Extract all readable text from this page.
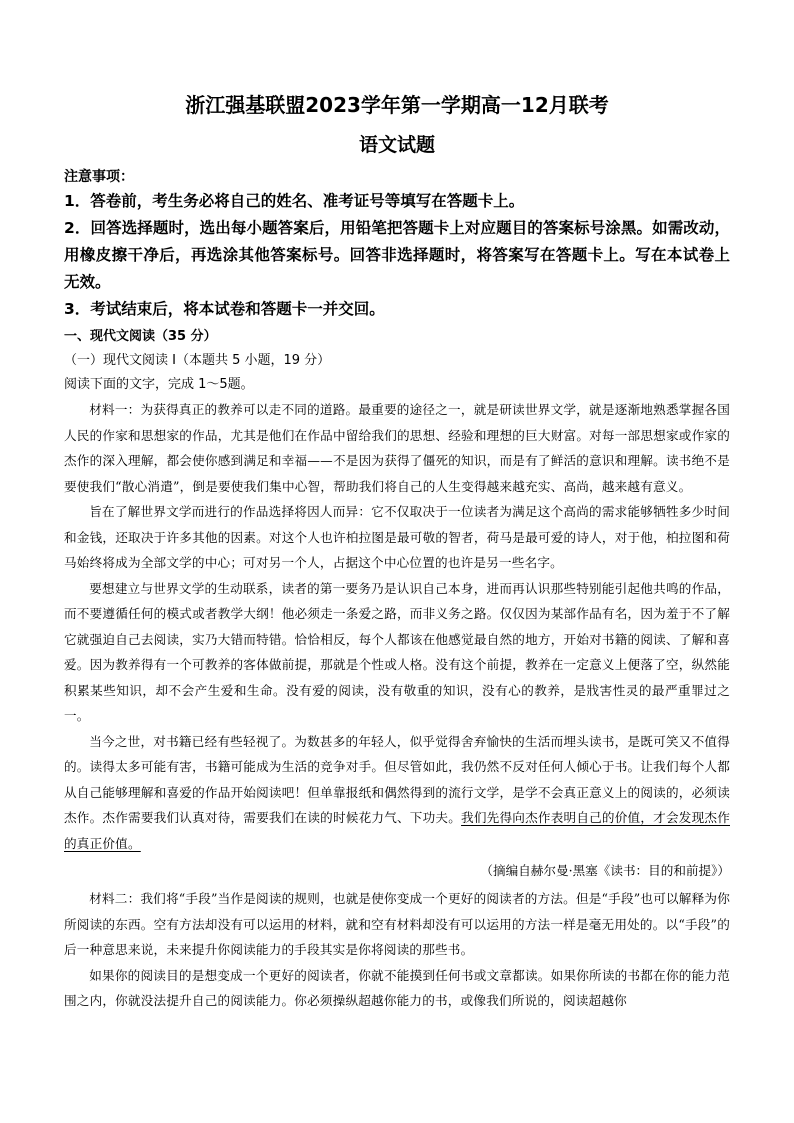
浙江强基联盟2023学年第一学期高一12月联考
语文试题

注意事项：

1．答卷前，考生务必将自己的姓名、准考证号等填写在答题卡上。

2．回答选择题时，选出每小题答案后，用铅笔把答题卡上对应题目的答案标号涂黑。如需改动，用橡皮擦干净后，再选涂其他答案标号。回答非选择题时，将答案写在答题卡上。写在本试卷上无效。

3．考试结束后，将本试卷和答题卡一并交回。

一、现代文阅读（35 分）

（一）现代文阅读 I（本题共 5 小题，19 分）

阅读下面的文字，完成 1～5题。

材料一：为获得真正的教养可以走不同的道路。最重要的途径之一，就是研读世界文学，就是逐渐地熟悉掌握各国人民的作家和思想家的作品，尤其是他们在作品中留给我们的思想、经验和理想的巨大财富。对每一部思想家或作家的杰作的深入理解，都会使你感到满足和幸福——不是因为获得了僵死的知识，而是有了鲜活的意识和理解。读书绝不是要使我们“散心消遣”，倒是要使我们集中心智，帮助我们将自己的人生变得越来越充实、高尚，越来越有意义。

旨在了解世界文学而进行的作品选择将因人而异：它不仅取决于一位读者为满足这个高尚的需求能够牺牲多少时间和金钱，还取决于许多其他的因素。对这个人也许柏拉图是最可敬的智者，荷马是最可爱的诗人，对于他，柏拉图和荷马始终将成为全部文学的中心；可对另一个人，占据这个中心位置的也许是另一些名字。

要想建立与世界文学的生动联系，读者的第一要务乃是认识自己本身，进而再认识那些特别能引起他共鸣的作品，而不要遵循任何的模式或者教学大纲！他必须走一条爱之路，而非义务之路。仅仅因为某部作品有名，因为羞于不了解它就强迫自己去阅读，实乃大错而特错。恰恰相反，每个人都该在他感觉最自然的地方，开始对书籍的阅读、了解和喜爱。因为教养得有一个可教养的客体做前提，那就是个性或人格。没有这个前提，教养在一定意义上便落了空，纵然能积累某些知识，却不会产生爱和生命。没有爱的阅读，没有敬重的知识，没有心的教养，是戕害性灵的最严重罪过之一。

当今之世，对书籍已经有些轻视了。为数甚多的年轻人，似乎觉得舍弃愉快的生活而埋头读书，是既可笑又不值得的。读得太多可能有害，书籍可能成为生活的竞争对手。但尽管如此，我仍然不反对任何人倾心于书。让我们每个人都从自己能够理解和喜爱的作品开始阅读吧！但单靠报纸和偶然得到的流行文学，是学不会真正意义上的阅读的，必须读杰作。杰作需要我们认真对待，需要我们在读的时候花力气、下功夫。我们先得向杰作表明自己的价值，才会发现杰作的真正价值。

（摘编自赫尔曼·黑塞《读书：目的和前提》）

材料二：我们将“手段”当作是阅读的规则，也就是使你变成一个更好的阅读者的方法。但是“手段”也可以解释为你所阅读的东西。空有方法却没有可以运用的材料，就和空有材料却没有可以运用的方法一样是毫无用处的。以“手段”的后一种意思来说，未来提升你阅读能力的手段其实是你将阅读的那些书。

如果你的阅读目的是想变成一个更好的阅读者，你就不能摸到任何书或文章都读。如果你所读的书都在你的能力范围之内，你就没法提升自己的阅读能力。你必须操纵超越你能力的书，或像我们所说的，阅读超越你
